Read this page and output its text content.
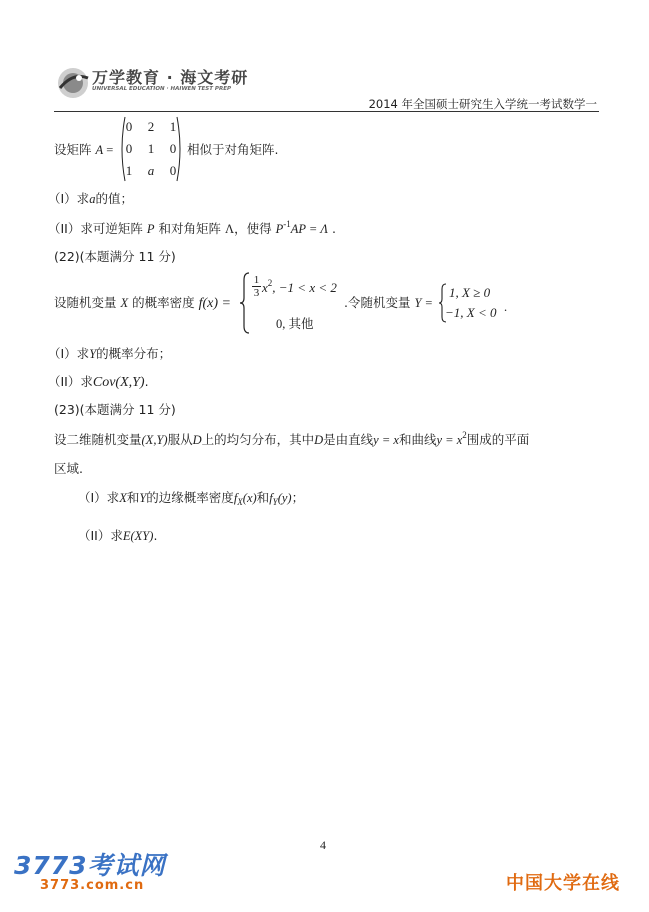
万学教育 · 海文考研
UNIVERSAL EDUCATION · HAIWEN TEST PREP
2014 年全国硕士研究生入学统一考试数学一
设矩阵 A =
0	2	1
0	1	0
1	a	0
相似于对角矩阵.
（I）求a的值；
（II）求可逆矩阵 P 和对角矩阵 Λ，使得 $P^{-1}AP = \Lambda$ .
(22)(本题满分 11 分)
设随机变量 X 的概率密度 f(x) =
1
3 $x^2$, −1 < x < 2
0, 其他
.令随机变量 Y =
1, X ≥ 0
−1, X < 0 .
（I）求Y的概率分布；
（II）求Cov(X,Y).
(23)(本题满分 11 分)
设二维随机变量(X,Y)服从D上的均匀分布，其中D是由直线y = x和曲线$y = x^2$围成的平面
区域.
（I）求X和Y的边缘概率密度$f_X(x)$和$f_Y(y)$；
（II）求E(XY).
4
3773考试网
3773.com.cn	中国大学在线
